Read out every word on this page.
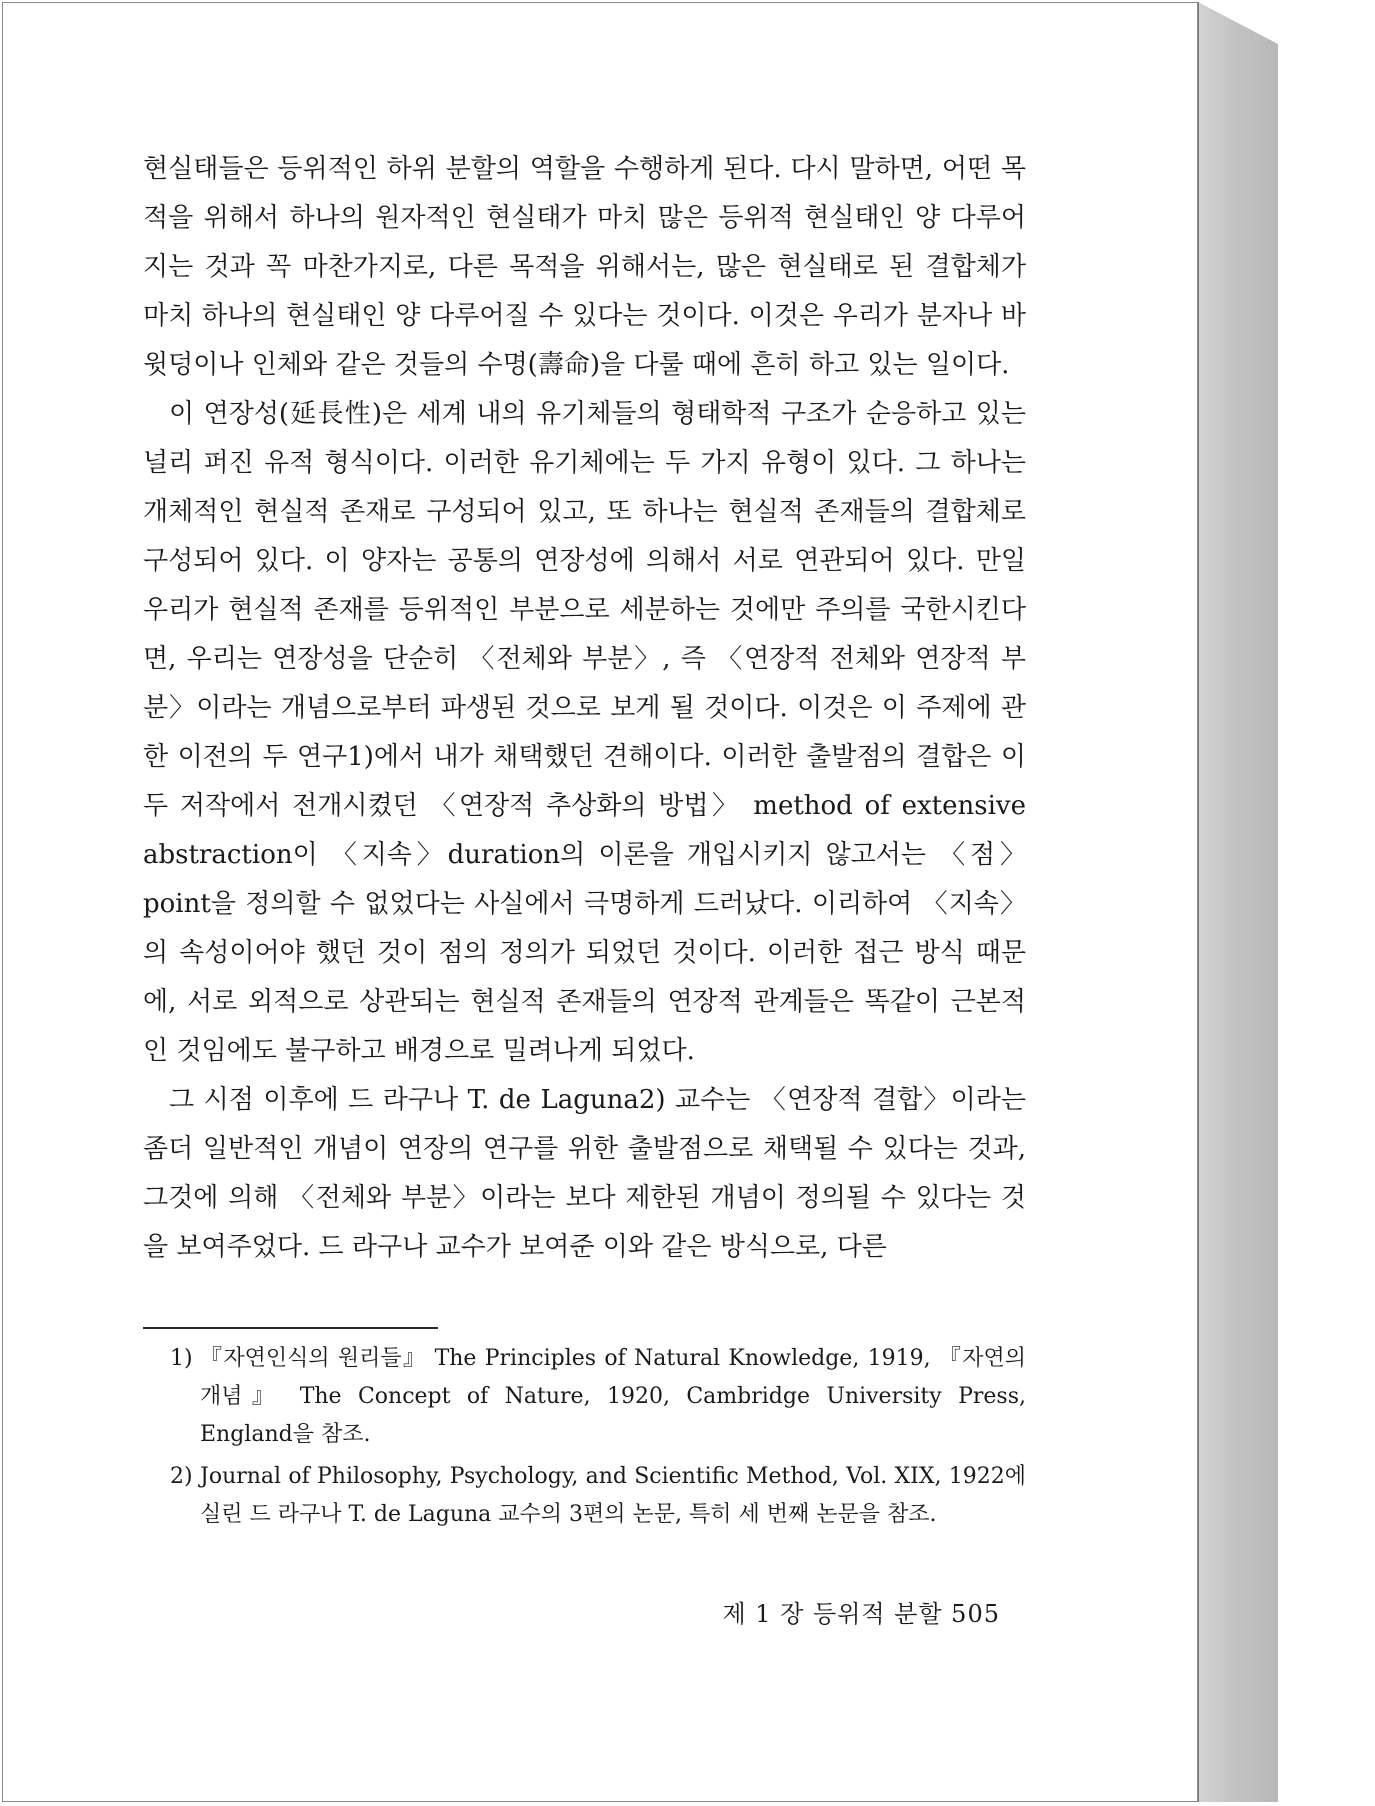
현실태들은 등위적인 하위 분할의 역할을 수행하게 된다. 다시 말하면, 어떤 목적을 위해서 하나의 원자적인 현실태가 마치 많은 등위적 현실태인 양 다루어지는 것과 꼭 마찬가지로, 다른 목적을 위해서는, 많은 현실태로 된 결합체가 마치 하나의 현실태인 양 다루어질 수 있다는 것이다. 이것은 우리가 분자나 바윗덩이나 인체와 같은 것들의 수명(壽命)을 다룰 때에 흔히 하고 있는 일이다.

이 연장성(延長性)은 세계 내의 유기체들의 형태학적 구조가 순응하고 있는 널리 퍼진 유적 형식이다. 이러한 유기체에는 두 가지 유형이 있다. 그 하나는 개체적인 현실적 존재로 구성되어 있고, 또 하나는 현실적 존재들의 결합체로 구성되어 있다. 이 양자는 공통의 연장성에 의해서 서로 연관되어 있다. 만일 우리가 현실적 존재를 등위적인 부분으로 세분하는 것에만 주의를 국한시킨다면, 우리는 연장성을 단순히 〈전체와 부분〉, 즉 〈연장적 전체와 연장적 부분〉이라는 개념으로부터 파생된 것으로 보게 될 것이다. 이것은 이 주제에 관한 이전의 두 연구1)에서 내가 채택했던 견해이다. 이러한 출발점의 결합은 이 두 저작에서 전개시켰던 〈연장적 추상화의 방법〉 method of extensive abstraction이 〈지속〉duration의 이론을 개입시키지 않고서는 〈점〉point을 정의할 수 없었다는 사실에서 극명하게 드러났다. 이리하여 〈지속〉의 속성이어야 했던 것이 점의 정의가 되었던 것이다. 이러한 접근 방식 때문에, 서로 외적으로 상관되는 현실적 존재들의 연장적 관계들은 똑같이 근본적인 것임에도 불구하고 배경으로 밀려나게 되었다.

그 시점 이후에 드 라구나 T. de Laguna2) 교수는 〈연장적 결합〉이라는 좀더 일반적인 개념이 연장의 연구를 위한 출발점으로 채택될 수 있다는 것과, 그것에 의해 〈전체와 부분〉이라는 보다 제한된 개념이 정의될 수 있다는 것을 보여주었다. 드 라구나 교수가 보여준 이와 같은 방식으로, 다른

1) 『자연인식의 원리들』 The Principles of Natural Knowledge, 1919, 『자연의 개념』 The Concept of Nature, 1920, Cambridge University Press, England을 참조.

2) Journal of Philosophy, Psychology, and Scientific Method, Vol. XIX, 1922에 실린 드 라구나 T. de Laguna 교수의 3편의 논문, 특히 세 번째 논문을 참조.

제 1 장 등위적 분할 505
